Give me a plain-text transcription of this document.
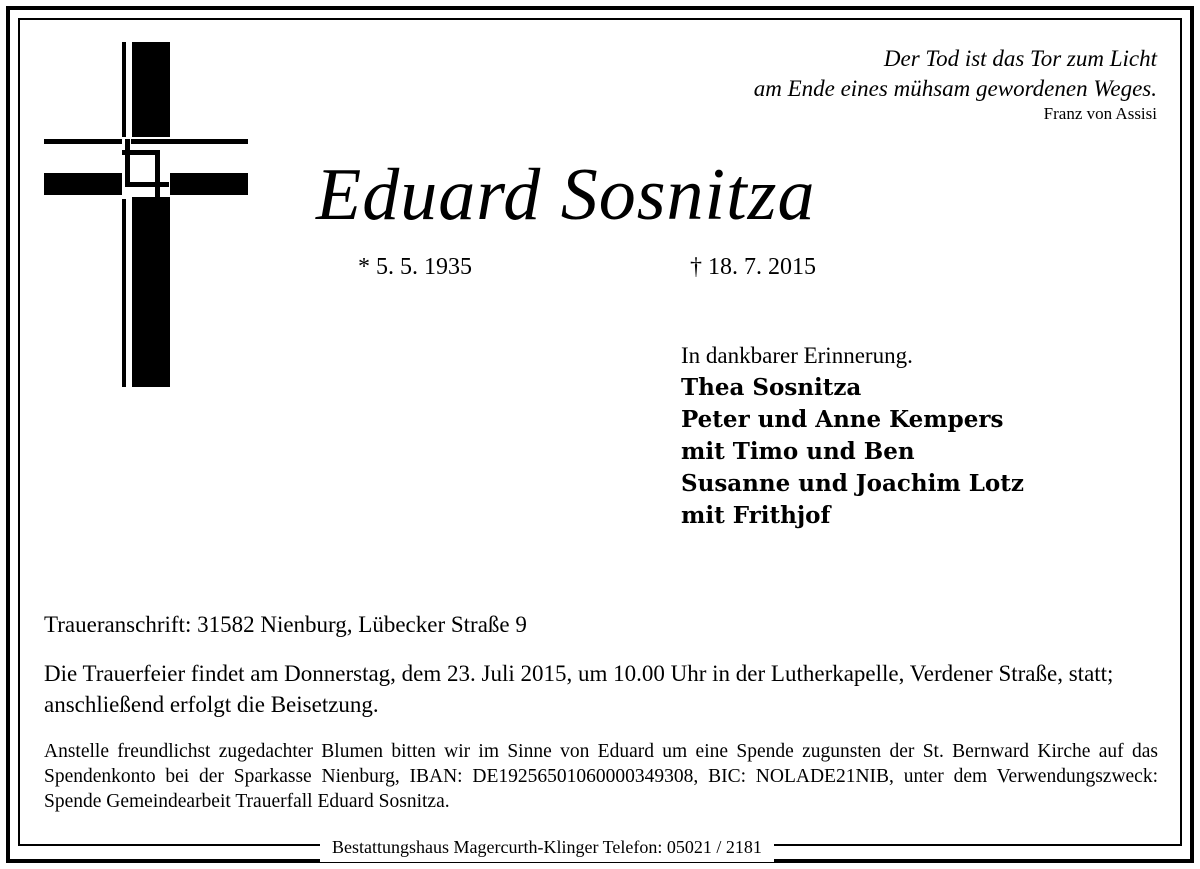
Der Tod ist das Tor zum Licht
am Ende eines mühsam gewordenen Weges.
Franz von Assisi
Eduard Sosnitza
* 5. 5. 1935	† 18. 7. 2015
In dankbarer Erinnerung.
Thea Sosnitza
Peter und Anne Kempers
mit Timo und Ben
Susanne und Joachim Lotz
mit Frithjof
Traueranschrift: 31582 Nienburg, Lübecker Straße 9
Die Trauerfeier findet am Donnerstag, dem 23. Juli 2015, um 10.00 Uhr in der Lutherkapelle, Verdener Straße, statt; anschließend erfolgt die Beisetzung.
Anstelle freundlichst zugedachter Blumen bitten wir im Sinne von Eduard um eine Spende zugunsten der St. Bernward Kirche auf das Spendenkonto bei der Sparkasse Nienburg, IBAN: DE19256501060000349308, BIC: NOLADE21NIB, unter dem Verwendungszweck: Spende Gemeindearbeit Trauerfall Eduard Sosnitza.
Bestattungshaus Magercurth-Klinger Telefon: 05021 / 2181
